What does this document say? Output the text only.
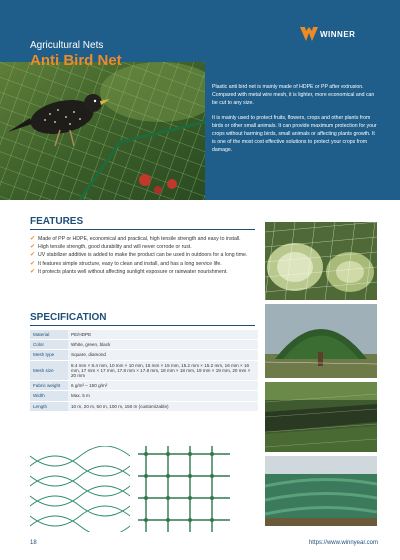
WINNER
Agricultural Nets
Anti Bird Net

Plastic anti bird net is mainly made of HDPE or PP after extrusion. Compared with metal wire mesh, it is lighter, more economical and can be cut to any size.

It is mainly used to protect fruits, flowers, crops and other plants from birds or other small animals. It can provide maximum protection for your crops without harming birds, small animals or affecting plants growth. It is one of the most cost effective solutions to protect your crops from damage.

FEATURES
✔ Made of PP or HDPE, economical and practical, high tensile strength and easy to install.
✔ High tensile strength, good durability and will never corrode or rust.
✔ UV stabilizer additive is added to make the product can be used in outdoors for a long time.
✔ It features simple structure, easy to clean and install, and has a long service life.
✔ It protects plants well without affecting sunlight exposure or rainwater nourishment.
SPECIFICATION
Material	PE/HDPE
Color	White, green, black
Mesh type	Square, diamond
Mesh size	8.4 mm × 8.4 mm, 10 mm × 10 mm, 15 mm × 15 mm, 15.2 mm × 15.2 mm, 16 mm × 16 mm, 17 mm × 17 mm, 17.8 mm × 17.8 mm, 18 mm × 18 mm, 19 mm × 19 mm, 20 mm × 20 mm
Fabric weight	6 g/m² – 150 g/m²
Width	Max. 5 m
Length	10 m, 20 m, 50 m, 100 m, 150 m (customizable)
18	https://www.winnyear.com
